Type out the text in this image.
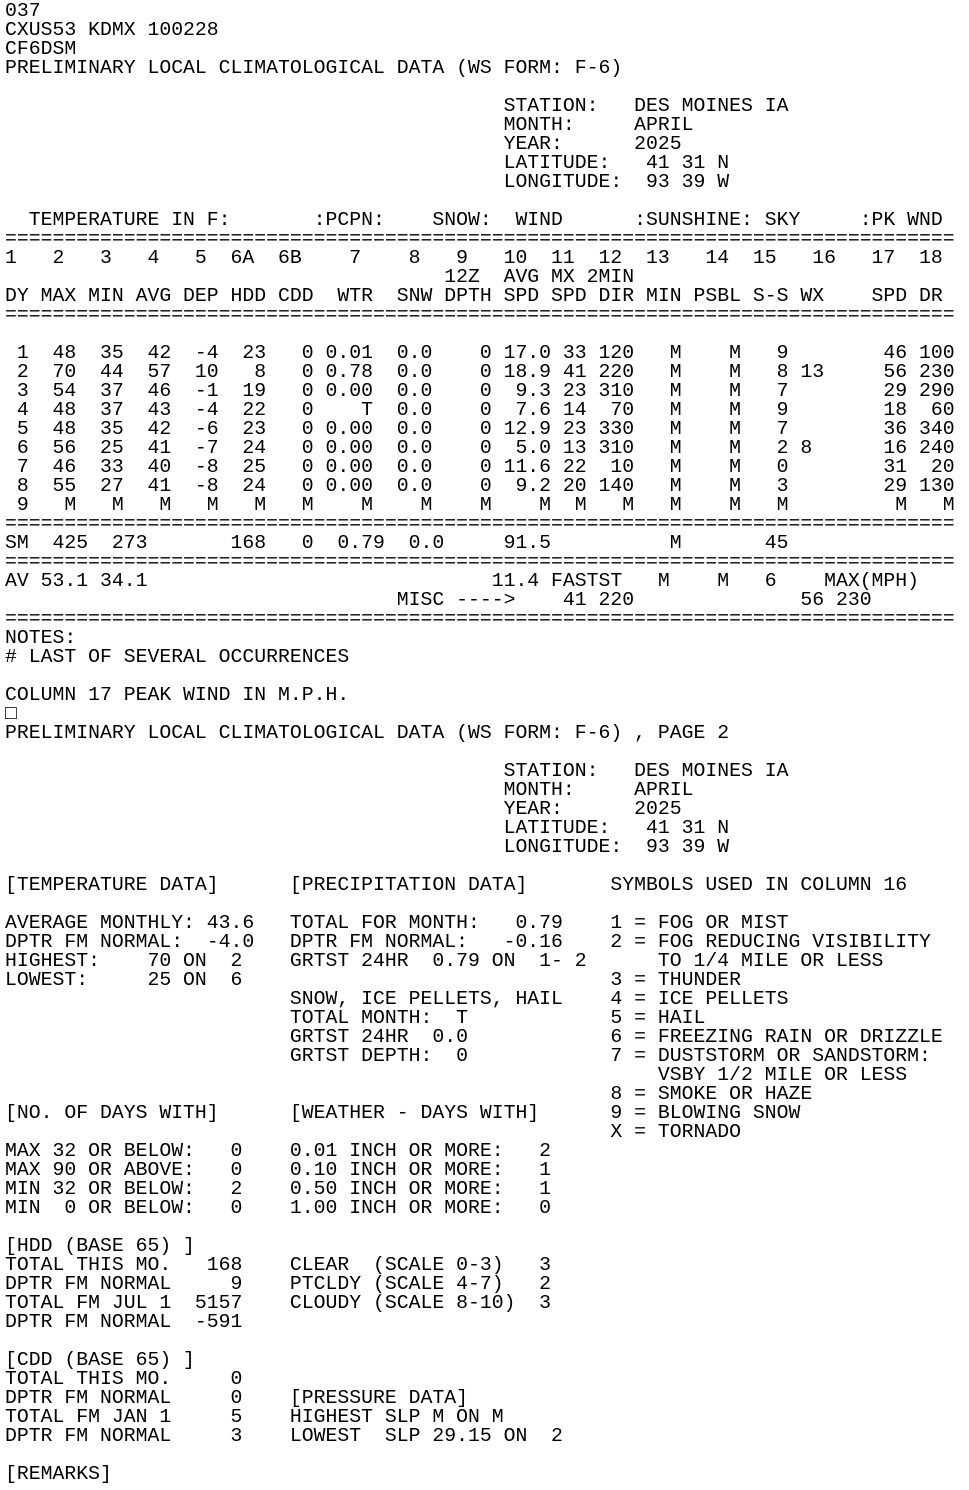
037
CXUS53 KDMX 100228
CF6DSM
PRELIMINARY LOCAL CLIMATOLOGICAL DATA (WS FORM: F-6)
STATION:   DES MOINES IA
MONTH:     APRIL
YEAR:      2025
LATITUDE:   41 31 N
LONGITUDE:  93 39 W
TEMPERATURE IN F:       :PCPN:    SNOW:  WIND      :SUNSHINE: SKY     :PK WND
================================================================================
1   2   3   4   5  6A  6B    7    8   9   10  11  12  13   14  15   16   17  18
12Z  AVG MX 2MIN
DY MAX MIN AVG DEP HDD CDD  WTR  SNW DPTH SPD SPD DIR MIN PSBL S-S WX    SPD DR
================================================================================
1  48  35  42  -4  23   0 0.01  0.0    0 17.0 33 120   M    M   9        46 100
2  70  44  57  10   8   0 0.78  0.0    0 18.9 41 220   M    M   8 13     56 230
3  54  37  46  -1  19   0 0.00  0.0    0  9.3 23 310   M    M   7        29 290
4  48  37  43  -4  22   0    T  0.0    0  7.6 14  70   M    M   9        18  60
5  48  35  42  -6  23   0 0.00  0.0    0 12.9 23 330   M    M   7        36 340
6  56  25  41  -7  24   0 0.00  0.0    0  5.0 13 310   M    M   2 8      16 240
7  46  33  40  -8  25   0 0.00  0.0    0 11.6 22  10   M    M   0        31  20
8  55  27  41  -8  24   0 0.00  0.0    0  9.2 20 140   M    M   3        29 130
9   M   M   M   M   M   M    M    M    M    M  M   M   M    M   M         M   M
================================================================================
SM  425  273       168   0  0.79  0.0     91.5          M       45
================================================================================
AV 53.1 34.1                             11.4 FASTST   M    M   6    MAX(MPH)
MISC ---->    41 220              56 230
================================================================================
NOTES:
# LAST OF SEVERAL OCCURRENCES
COLUMN 17 PEAK WIND IN M.P.H.
□
PRELIMINARY LOCAL CLIMATOLOGICAL DATA (WS FORM: F-6) , PAGE 2
STATION:   DES MOINES IA
MONTH:     APRIL
YEAR:      2025
LATITUDE:   41 31 N
LONGITUDE:  93 39 W
[TEMPERATURE DATA]      [PRECIPITATION DATA]       SYMBOLS USED IN COLUMN 16
AVERAGE MONTHLY: 43.6   TOTAL FOR MONTH:   0.79    1 = FOG OR MIST
DPTR FM NORMAL:  -4.0   DPTR FM NORMAL:   -0.16    2 = FOG REDUCING VISIBILITY
HIGHEST:    70 ON  2    GRTST 24HR  0.79 ON  1- 2      TO 1/4 MILE OR LESS
LOWEST:     25 ON  6                               3 = THUNDER
SNOW, ICE PELLETS, HAIL    4 = ICE PELLETS
TOTAL MONTH:  T            5 = HAIL
GRTST 24HR  0.0            6 = FREEZING RAIN OR DRIZZLE
GRTST DEPTH:  0            7 = DUSTSTORM OR SANDSTORM:
VSBY 1/2 MILE OR LESS
8 = SMOKE OR HAZE
[NO. OF DAYS WITH]      [WEATHER - DAYS WITH]      9 = BLOWING SNOW
X = TORNADO
MAX 32 OR BELOW:   0    0.01 INCH OR MORE:   2
MAX 90 OR ABOVE:   0    0.10 INCH OR MORE:   1
MIN 32 OR BELOW:   2    0.50 INCH OR MORE:   1
MIN  0 OR BELOW:   0    1.00 INCH OR MORE:   0
[HDD (BASE 65) ]
TOTAL THIS MO.   168    CLEAR  (SCALE 0-3)   3
DPTR FM NORMAL     9    PTCLDY (SCALE 4-7)   2
TOTAL FM JUL 1  5157    CLOUDY (SCALE 8-10)  3
DPTR FM NORMAL  -591
[CDD (BASE 65) ]
TOTAL THIS MO.     0
DPTR FM NORMAL     0    [PRESSURE DATA]
TOTAL FM JAN 1     5    HIGHEST SLP M ON M
DPTR FM NORMAL     3    LOWEST  SLP 29.15 ON  2
[REMARKS]
